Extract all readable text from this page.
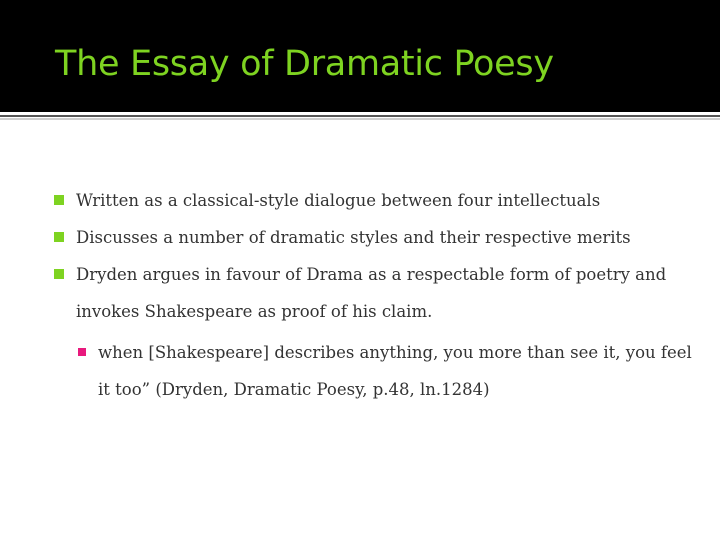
The Essay of Dramatic Poesy
Written as a classical-style dialogue between four intellectuals
Discusses a number of dramatic styles and their respective merits
Dryden argues in favour of Drama as a respectable form of poetry and invokes Shakespeare as proof of his claim.
when [Shakespeare] describes anything, you more than see it, you feel it too” (Dryden, Dramatic Poesy, p.48, ln.1284)
